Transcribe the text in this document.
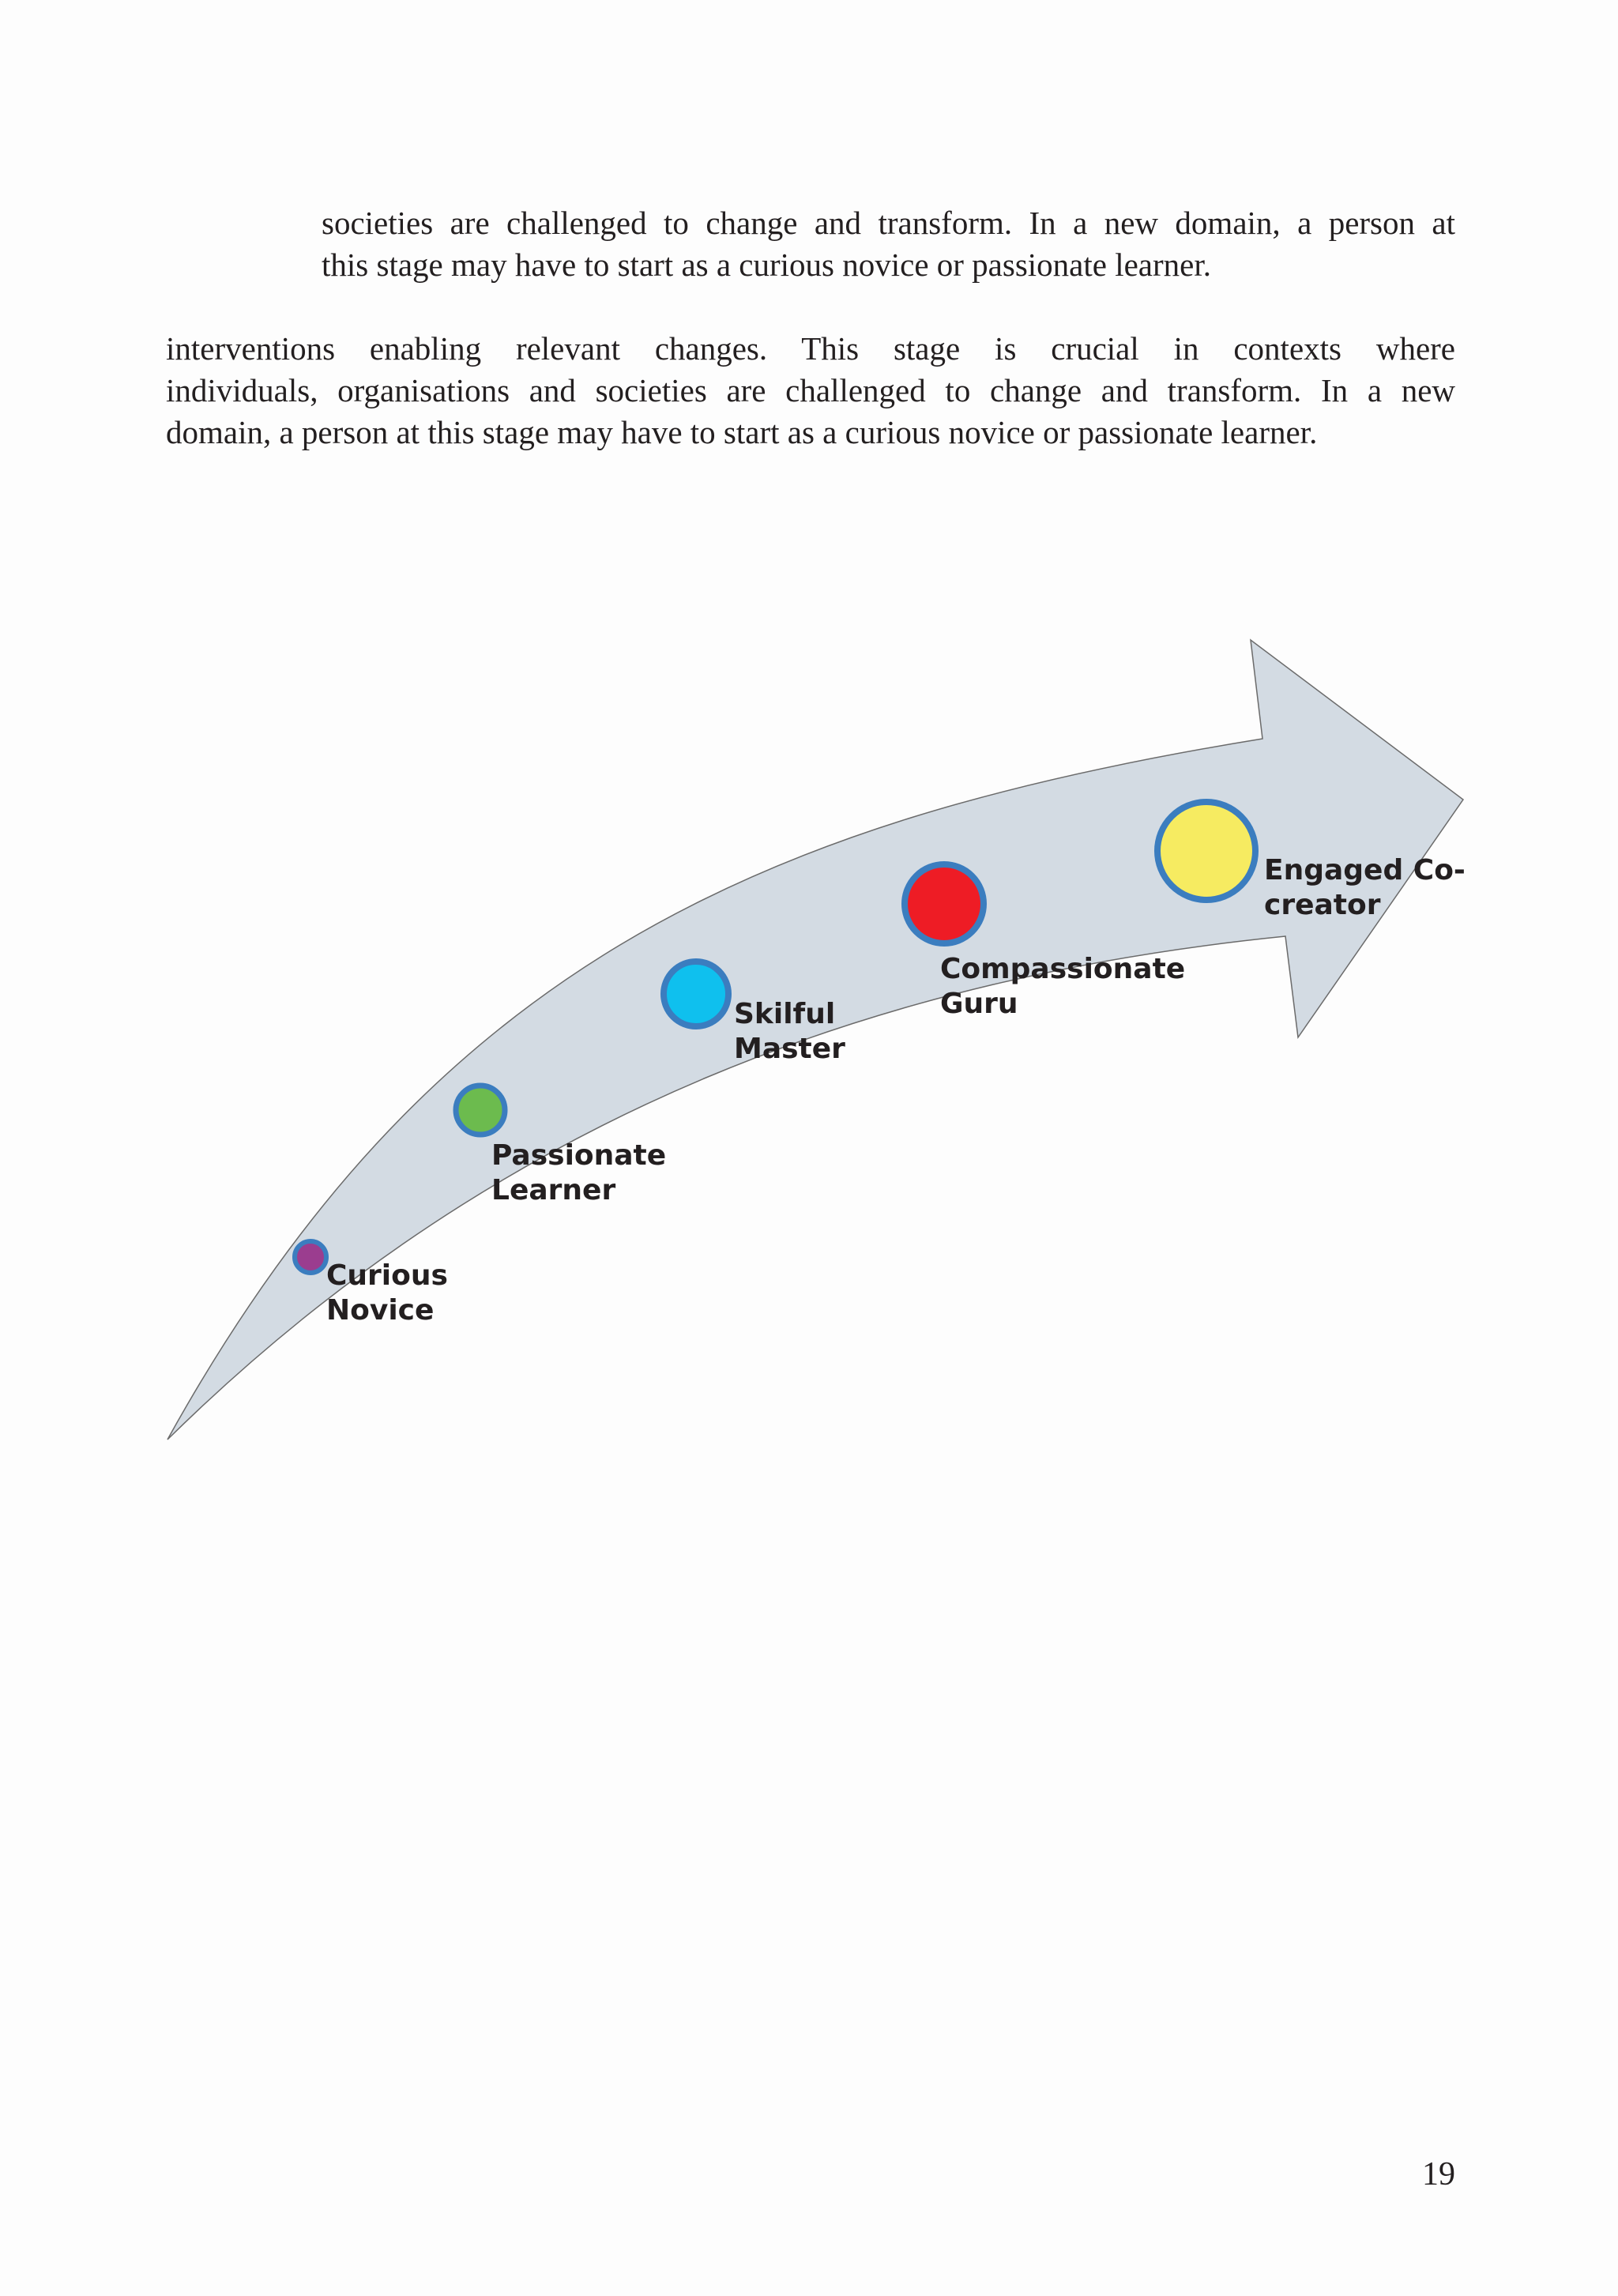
societies are challenged to change and transform. In a new domain, a person at
this stage may have to start as a curious novice or passionate learner.

interventions enabling relevant changes. This stage is crucial in contexts where
individuals, organisations and societies are challenged to change and transform. In a new
domain, a person at this stage may have to start as a curious novice or passionate learner.

Curious Novice
Passionate Learner
Skilful Master
Compassionate Guru
Engaged Co- creator
19
